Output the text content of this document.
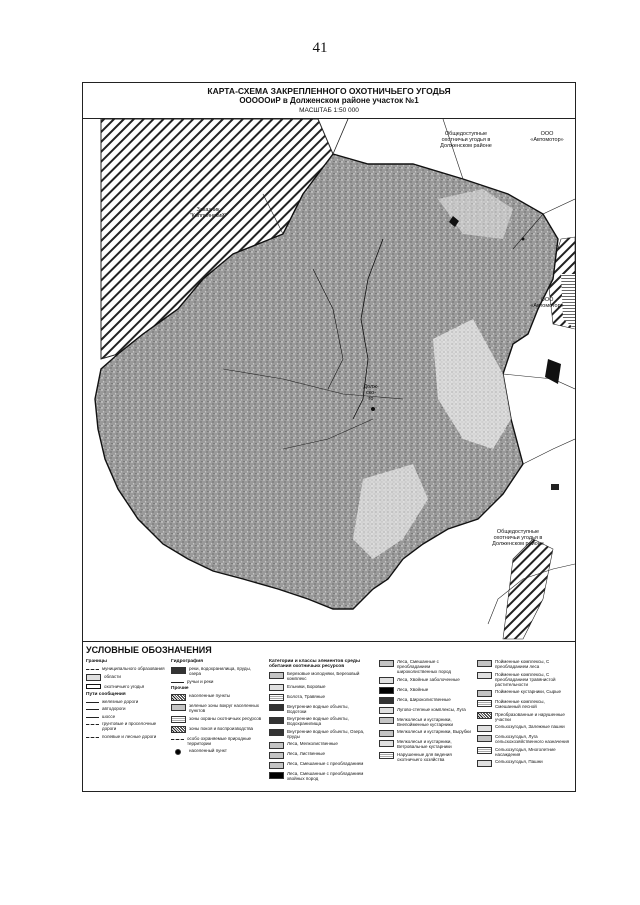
41
КАРТА-СХЕМА ЗАКРЕПЛЕННОГО ОХОТНИЧЬЕГО УГОДЬЯ
ОООООиР в Долженском районе участок №1
МАСШТАБ 1:50 000
Заказник
"Колпнянский"
Общедоступные
охотничьи угодья в
Долженском районе
ООО
«Автомотор»
ООО
«Автомотор»
Общедоступные
охотничьи угодья в
Долженском районе
Долж-
ско-
го
УСЛОВНЫЕ ОБОЗНАЧЕНИЯ
Границы
муниципального образования
области
охотничьего угодья
Пути сообщения
железные дороги
автодороги
шоссе
грунтовые и проселочные дороги
полевые и лесные дороги
Гидрография
реки, водохранилища, пруды, озера
ручьи и реки
Прочие
населенные пункты
зеленые зоны вокруг населенных пунктов
зоны охраны охотничьих ресурсов
зоны покоя и воспроизводства
особо охраняемые природные территории
населенный пункт
Категории и классы элементов среды обитания охотничьих ресурсов
Березовые молодняки, Березовый комплекс
Ельники, Боровые
Болота, Травяные
Внутренние водные объекты, Водотоки
Внутренние водные объекты, Водохранилища
Внутренние водные объекты, Озера, пруды
Леса, Мелколиственные
Леса, Лиственные
Леса, Смешанные с преобладанием
Леса, Смешанные с преобладанием хвойных пород
Леса, Смешанные с преобладанием широколиственных пород
Леса, Хвойные заболоченные
Леса, Хвойные
Леса, Широколиственные
Лугово-степные комплексы, Луга
Мелколесья и кустарники, Внепойменные кустарники
Мелколесья и кустарники, Вырубки
Мелколесья и кустарники, Ветровальные кустарники
Нарушенные для ведения охотничьего хозяйства
Пойменные комплексы, С преобладанием леса
Пойменные комплексы, С преобладанием травянистой растительности
Пойменные кустарники, Сырые
Пойменные комплексы, Смешанный лесной
Преобразованные и нарушенные участки
Сельхозугодья, Залежные пашни
Сельхозугодья, Луга сельскохозяйственного назначения
Сельхозугодья, Многолетние насаждения
Сельхозугодья, Пашни
